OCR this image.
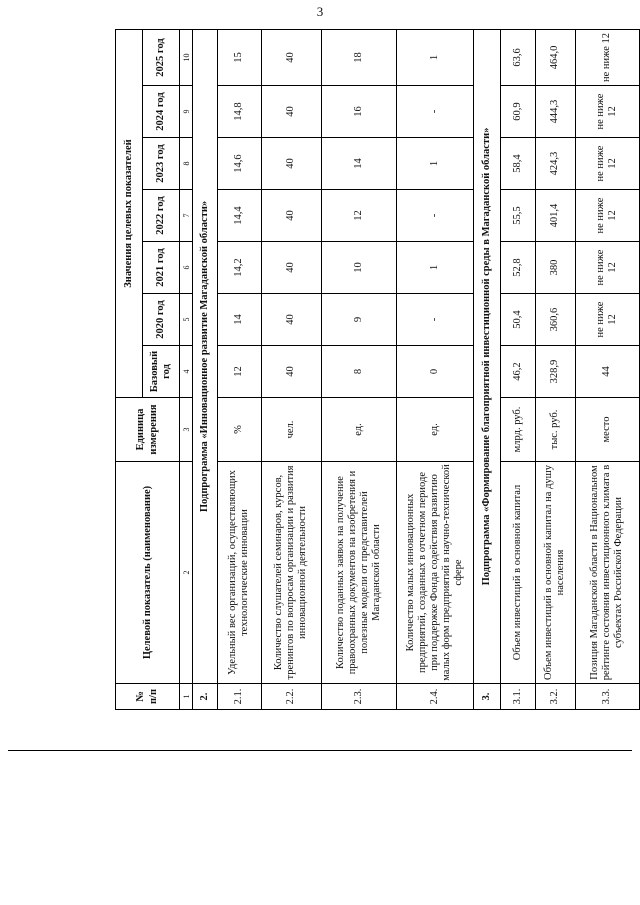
3
№ п/п	Целевой показатель (наименование)	Единица измерения	Значения целевых показателей						
			Базовый год	2020 год	2021 год	2022 год	2023 год	2024 год	2025 год
1	2	3	4	5	6	7	8	9	10
2.	Подпрограмма «Инновационное развитие Магаданской области»								
2.1.	Удельный вес организаций, осуществляющих технологические инновации	%	12	14	14,2	14,4	14,6	14,8	15
2.2.	Количество слушателей семинаров, курсов, тренингов по вопросам организации и развития инновационной деятельности	чел.	40	40	40	40	40	40	40
2.3.	Количество поданных заявок на получение правоохранных документов на изобретения и полезные модели от представителей Магаданской области	ед.	8	9	10	12	14	16	18
2.4.	Количество малых инновационных предприятий, созданных в отчетном периоде при поддержке Фонда содействия развитию малых форм предприятий в научно-технической сфере	ед.	0	-	1	-	1	-	1
3.	Подпрограмма «Формирование благоприятной инвестиционной среды в Магаданской области»								
3.1.	Объем инвестиций в основной капитал	млрд. руб.	46,2	50,4	52,8	55,5	58,4	60,9	63,6
3.2.	Объем инвестиций в основной капитал на душу населения	тыс. руб.	328,9	360,6	380	401,4	424,3	444,3	464,0
3.3.	Позиция Магаданской области в Национальном рейтинге состояния инвестиционного климата в субъектах Российской Федерации	место	44	не ниже 12	не ниже 12	не ниже 12	не ниже 12	не ниже 12	не ниже 12
